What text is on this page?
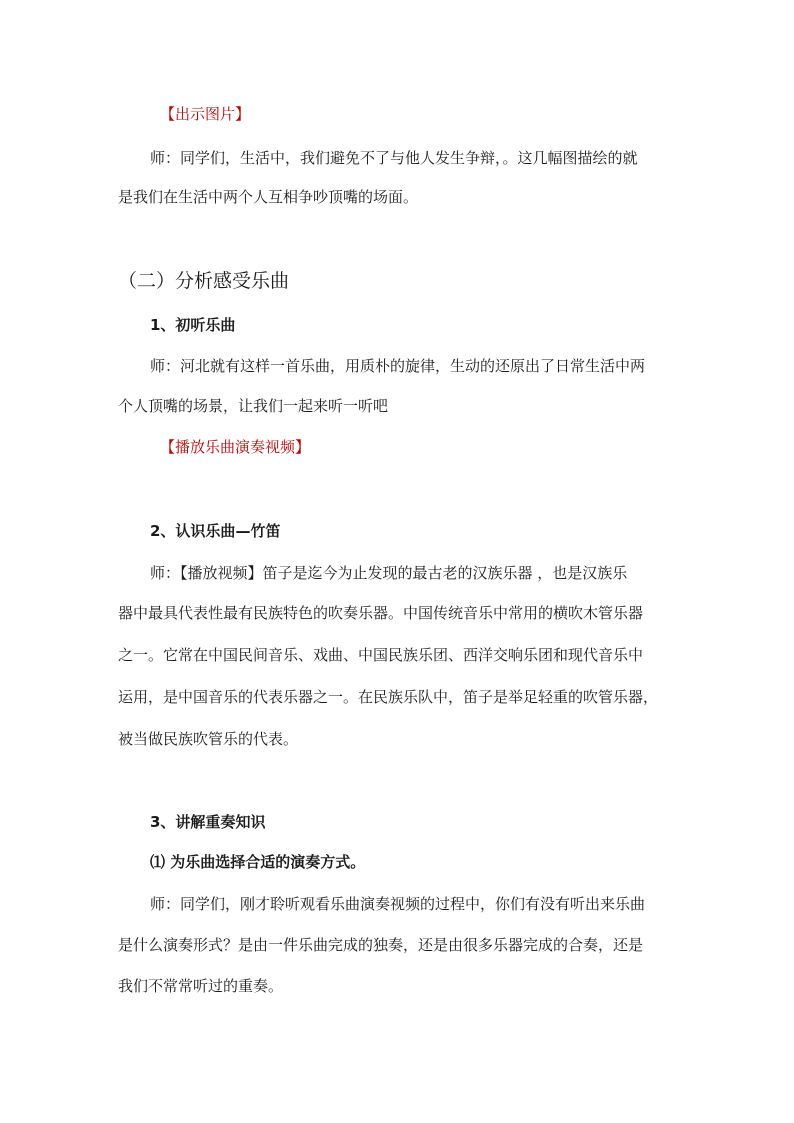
【出示图片】
师：同学们，生活中，我们避免不了与他人发生争辩，。这几幅图描绘的就
是我们在生活中两个人互相争吵顶嘴的场面。
（二）分析感受乐曲
1、初听乐曲
师：河北就有这样一首乐曲，用质朴的旋律，生动的还原出了日常生活中两
个人顶嘴的场景，让我们一起来听一听吧
【播放乐曲演奏视频】
2、认识乐曲—竹笛
师：【播放视频】笛子是迄今为止发现的最古老的汉族乐器 ，也是汉族乐
器中最具代表性最有民族特色的吹奏乐器。中国传统音乐中常用的横吹木管乐器
之一。它常在中国民间音乐、戏曲、中国民族乐团、西洋交响乐团和现代音乐中
运用，是中国音乐的代表乐器之一。在民族乐队中，笛子是举足轻重的吹管乐器，
被当做民族吹管乐的代表。
3、讲解重奏知识
⑴ 为乐曲选择合适的演奏方式。
师：同学们，刚才聆听观看乐曲演奏视频的过程中，你们有没有听出来乐曲
是什么演奏形式？是由一件乐曲完成的独奏，还是由很多乐器完成的合奏，还是
我们不常常听过的重奏。
